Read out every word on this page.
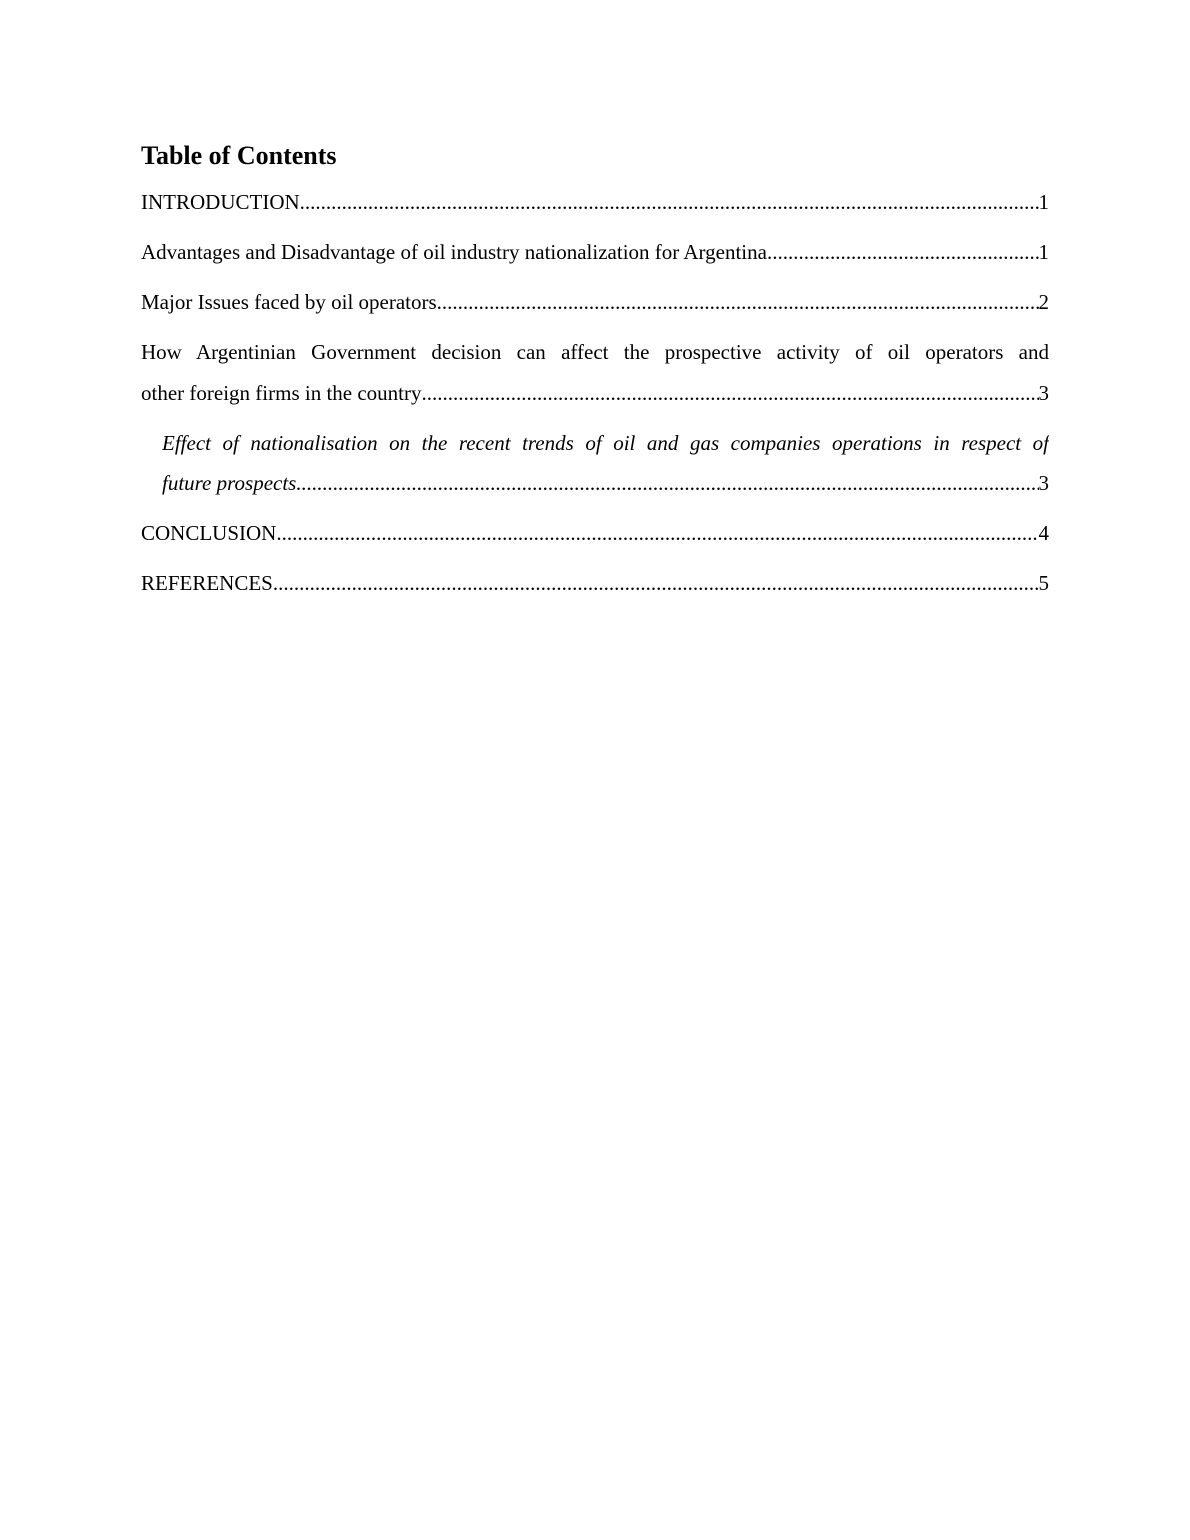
Table of Contents
INTRODUCTION .....	1
Advantages and Disadvantage of oil industry nationalization for Argentina .....	1
Major Issues faced by oil operators .....	2
How Argentinian Government decision can affect the prospective activity of oil operators and
other foreign firms in the country .....	3
Effect of nationalisation on the recent trends of oil and gas companies operations in respect of
future prospects .....	3
CONCLUSION .....	4
REFERENCES .....	5
